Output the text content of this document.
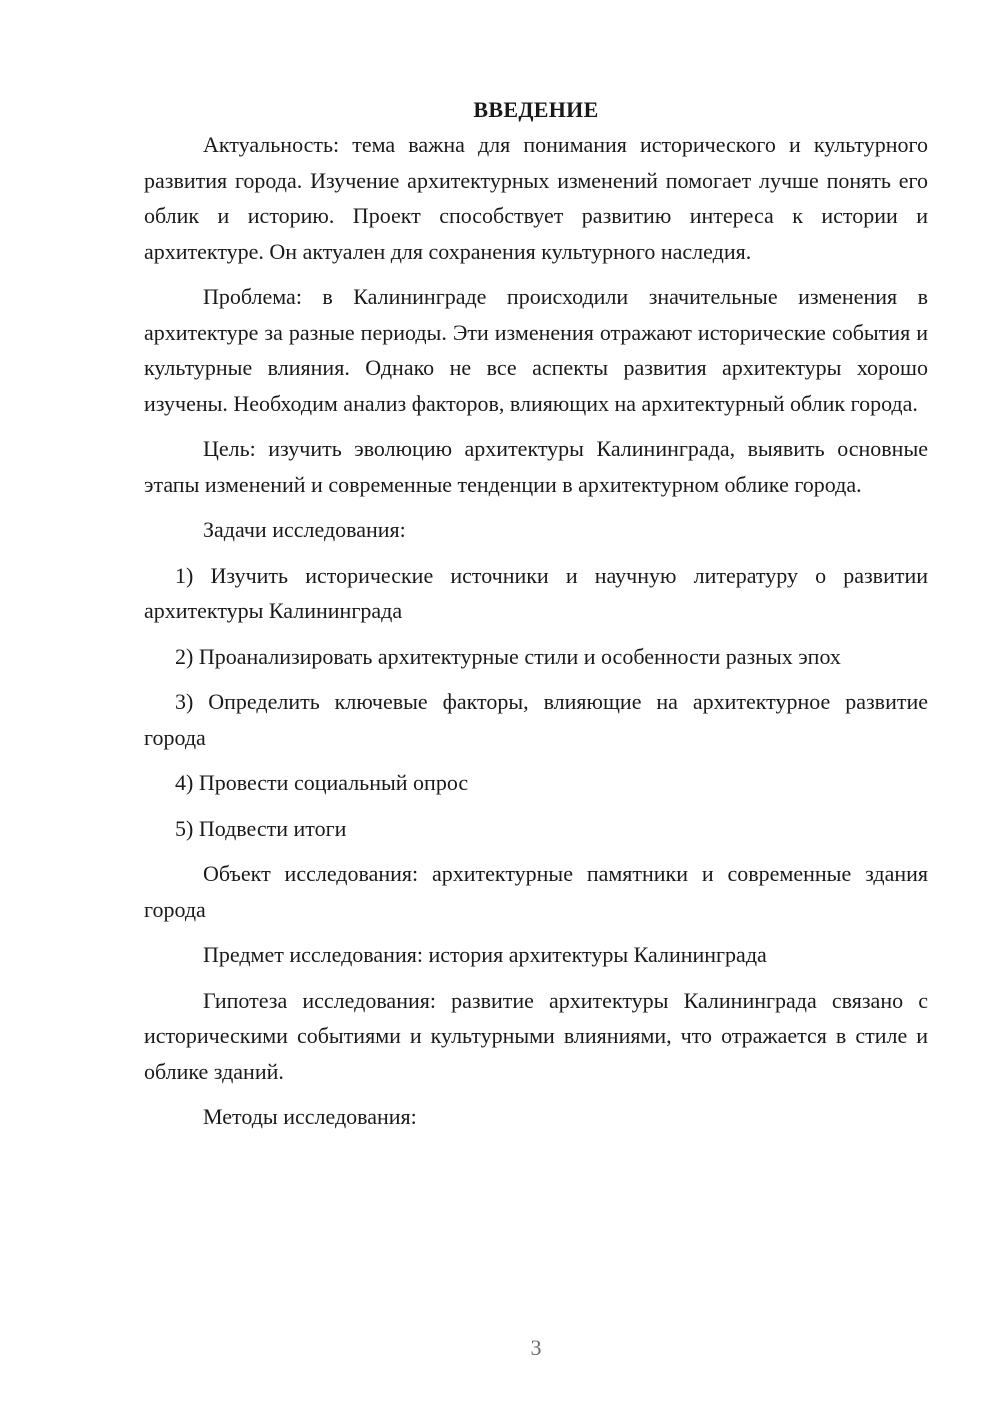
ВВЕДЕНИЕ

Актуальность: тема важна для понимания исторического и культурного развития города. Изучение архитектурных изменений помогает лучше понять его облик и историю. Проект способствует развитию интереса к истории и архитектуре. Он актуален для сохранения культурного наследия.

Проблема: в Калининграде происходили значительные изменения в архитектуре за разные периоды. Эти изменения отражают исторические события и культурные влияния. Однако не все аспекты развития архитектуры хорошо изучены. Необходим анализ факторов, влияющих на архитектурный облик города.

Цель: изучить эволюцию архитектуры Калининграда, выявить основные этапы изменений и современные тенденции в архитектурном облике города.

Задачи исследования:

1) Изучить исторические источники и научную литературу о развитии архитектуры Калининграда

2) Проанализировать архитектурные стили и особенности разных эпох

3) Определить ключевые факторы, влияющие на архитектурное развитие города

4) Провести социальный опрос

5) Подвести итоги

Объект исследования: архитектурные памятники и современные здания города

Предмет исследования: история архитектуры Калининграда

Гипотеза исследования: развитие архитектуры Калининграда связано с историческими событиями и культурными влияниями, что отражается в стиле и облике зданий.

Методы исследования:

3
